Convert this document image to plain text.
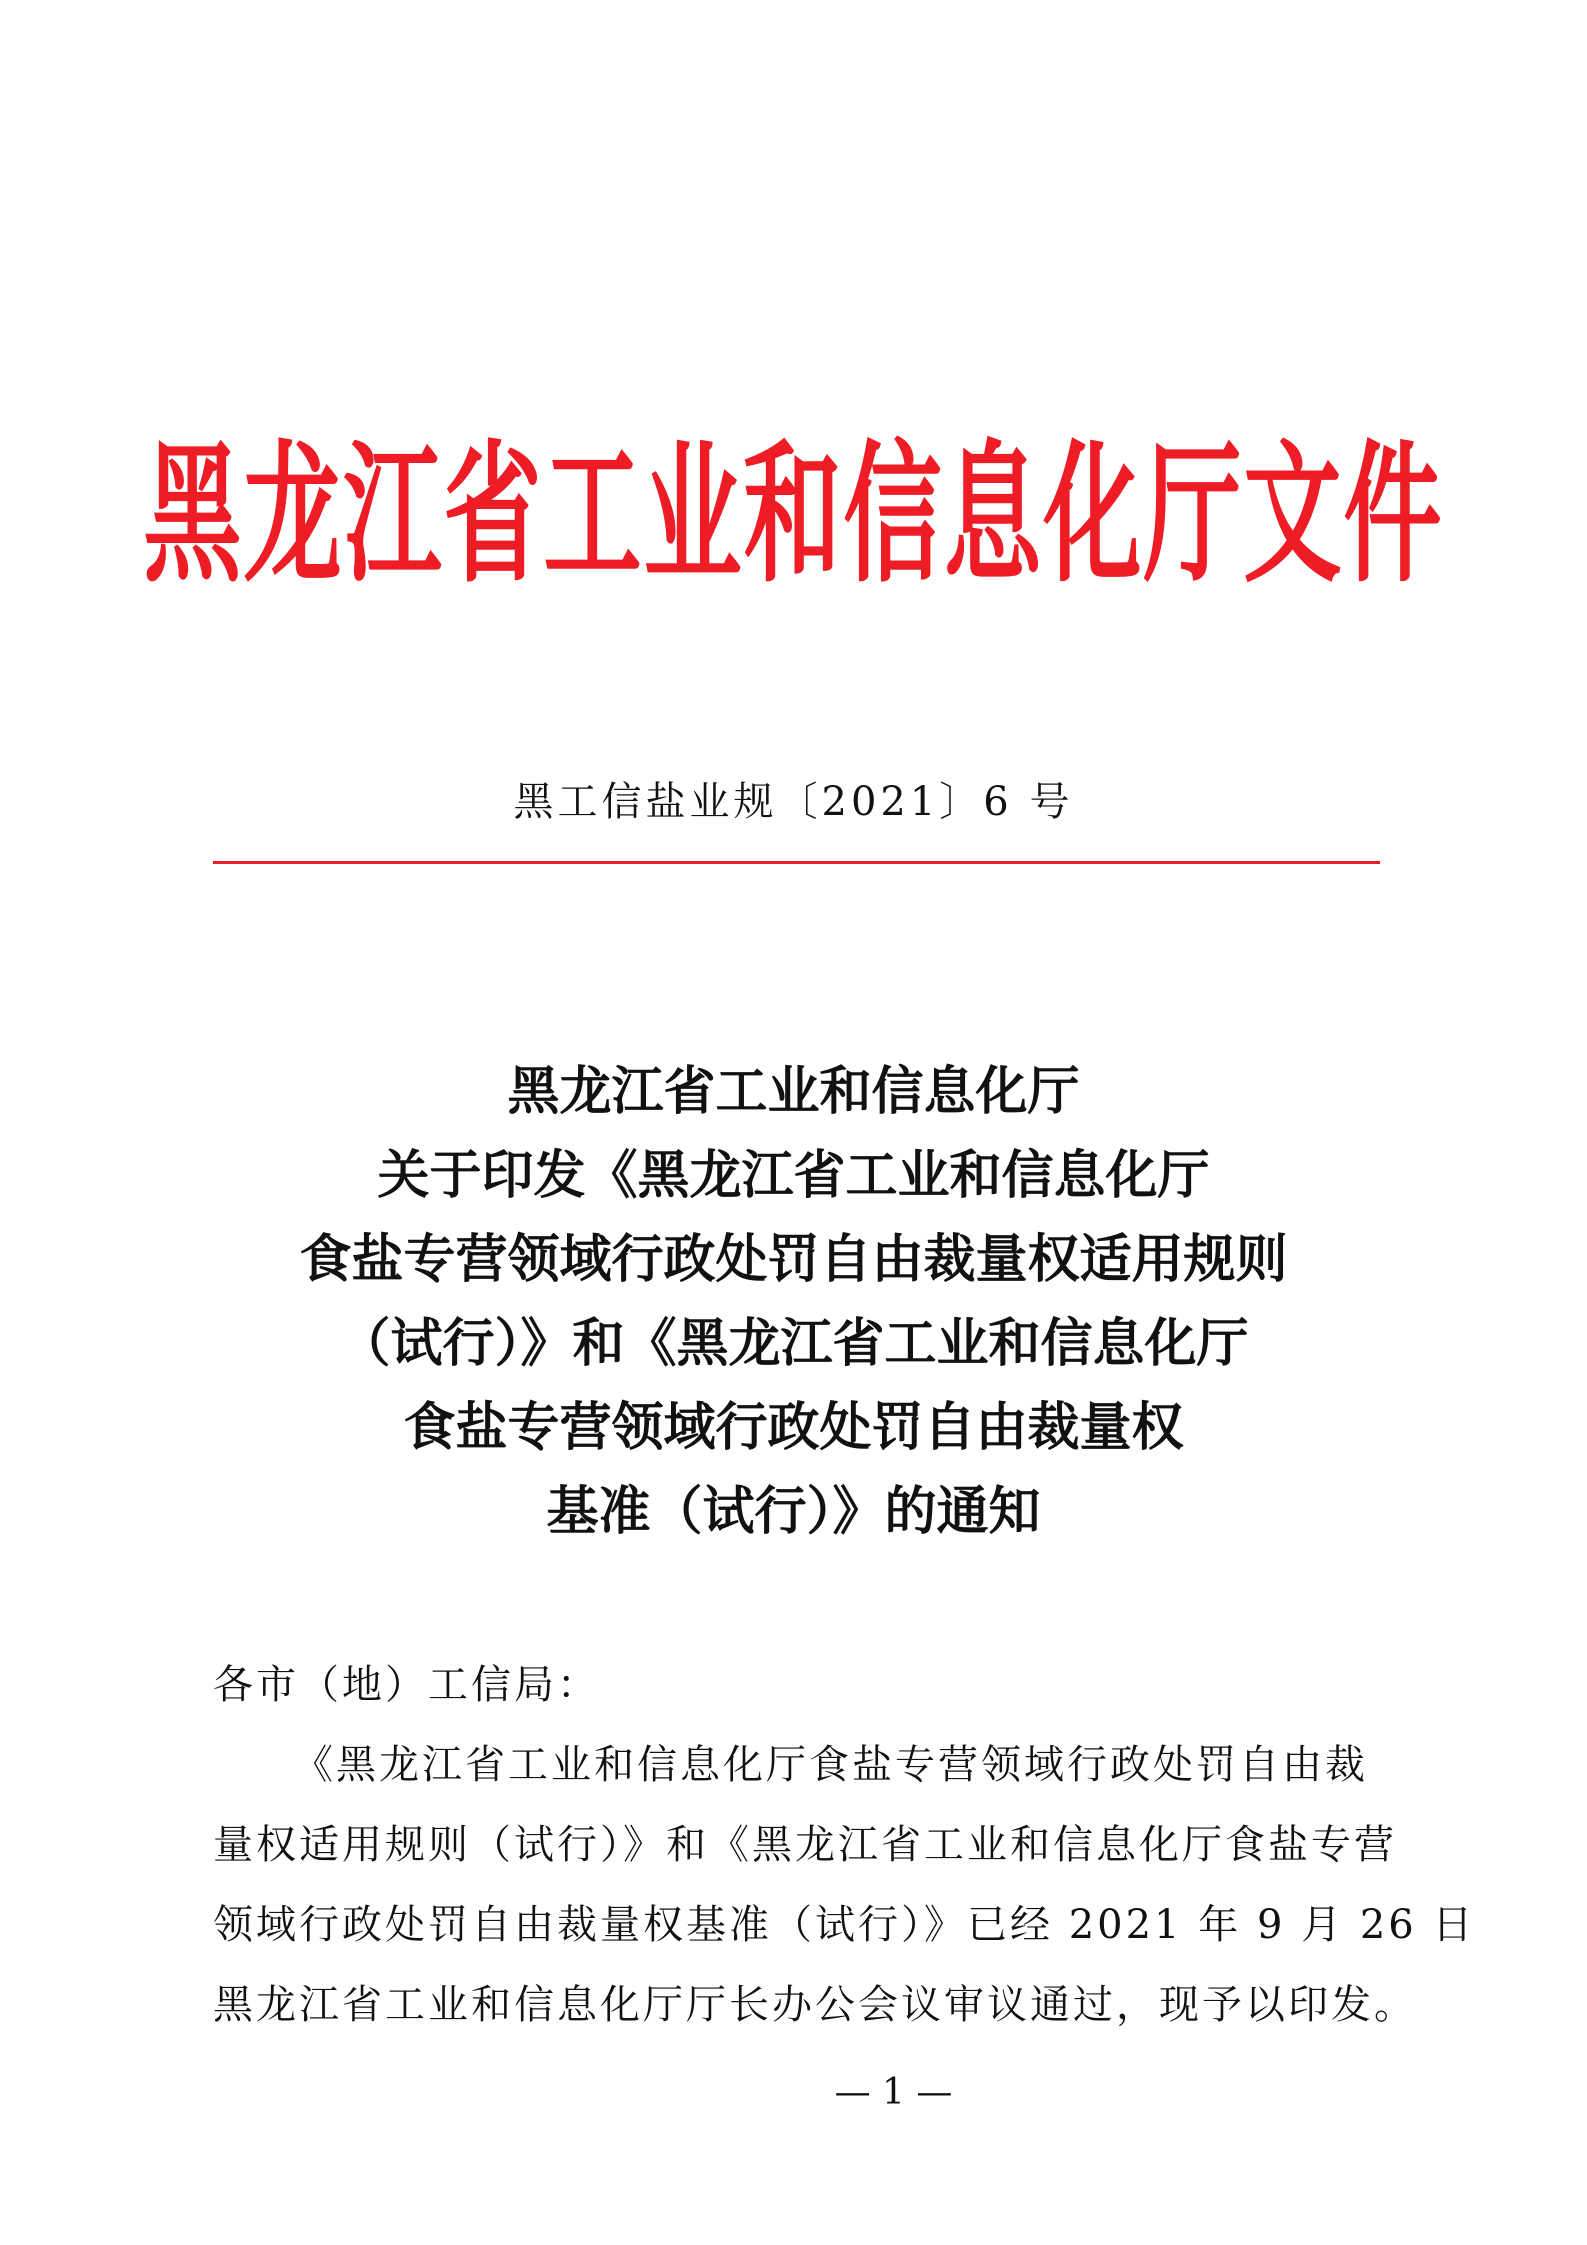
黑龙江省工业和信息化厅文件
黑工信盐业规〔2021〕6 号
黑龙江省工业和信息化厅
关于印发《黑龙江省工业和信息化厅
食盐专营领域行政处罚自由裁量权适用规则
（试行）》和《黑龙江省工业和信息化厅
食盐专营领域行政处罚自由裁量权
基准（试行）》的通知
各市（地）工信局：
《黑龙江省工业和信息化厅食盐专营领域行政处罚自由裁
量权适用规则（试行）》和《黑龙江省工业和信息化厅食盐专营
领域行政处罚自由裁量权基准（试行）》已经 2021 年 9 月 26 日
黑龙江省工业和信息化厅厅长办公会议审议通过，现予以印发。
— 1 —
